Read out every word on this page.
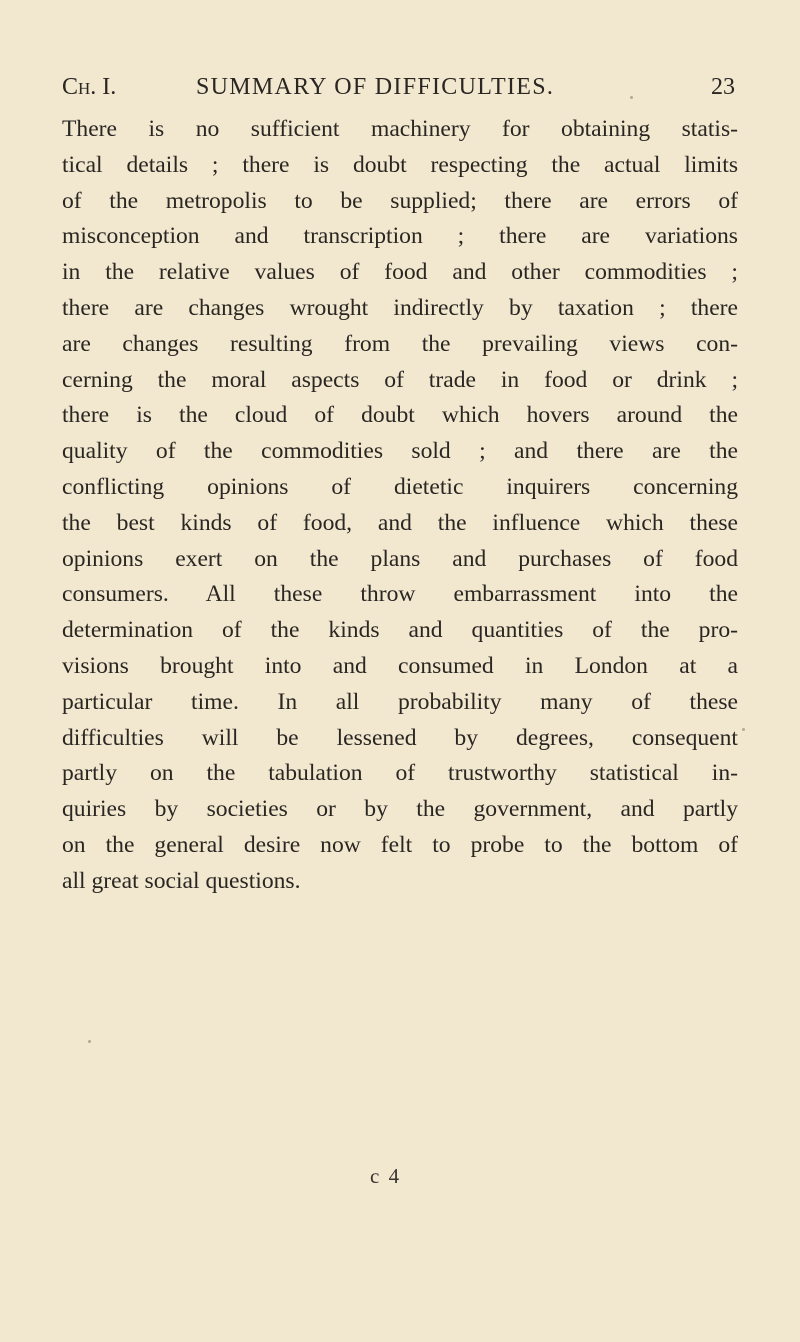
Ch. I.	SUMMARY OF DIFFICULTIES.	23
There is no sufficient machinery for obtaining statis-
tical details ; there is doubt respecting the actual limits
of the metropolis to be supplied; there are errors of
misconception and transcription ; there are variations
in the relative values of food and other commodities ;
there are changes wrought indirectly by taxation ; there
are changes resulting from the prevailing views con-
cerning the moral aspects of trade in food or drink ;
there is the cloud of doubt which hovers around the
quality of the commodities sold ; and there are the
conflicting opinions of dietetic inquirers concerning
the best kinds of food, and the influence which these
opinions exert on the plans and purchases of food
consumers. All these throw embarrassment into the
determination of the kinds and quantities of the pro-
visions brought into and consumed in London at a
particular time. In all probability many of these
difficulties will be lessened by degrees, consequent
partly on the tabulation of trustworthy statistical in-
quiries by societies or by the government, and partly
on the general desire now felt to probe to the bottom of
all great social questions.
c 4
